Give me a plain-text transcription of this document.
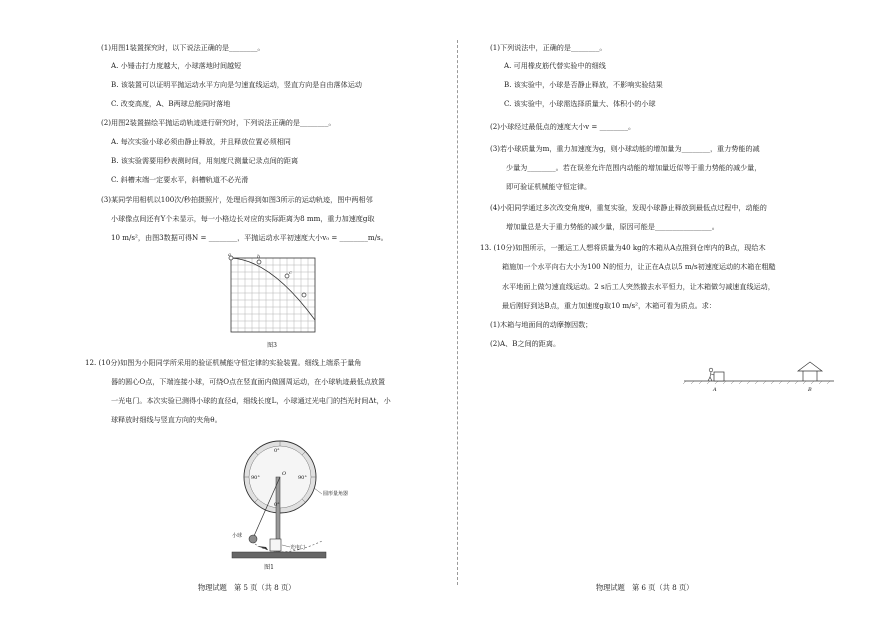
(1)用图1装置探究时，以下说法正确的是________。
A. 小锤击打力度越大，小球落地时间越短
B. 该装置可以证明平抛运动水平方向是匀速直线运动，竖直方向是自由落体运动
C. 改变高度，A、B两球总能同时落地
(2)用图2装置描绘平抛运动轨迹进行研究时，下列说法正确的是________。
A. 每次实验小球必须由静止释放，并且释放位置必须相同
B. 该实验需要用秒表测时间，用刻度尺测量记录点间的距离
C. 斜槽末端一定要水平，斜槽轨道不必光滑
(3)某同学用相机以100次/秒拍摄照片，处理后得到如图3所示的运动轨迹，图中两相邻
小球像点间还有Y个未显示，每一小格边长对应的实际距离为8 mm，重力加速度g取
10 m/s²，由图3数据可得N = ________，平抛运动水平初速度大小v₀ = ________m/s。
a	b
c
图3
12. (10分)如图为小阳同学所采用的验证机械能守恒定律的实验装置。细线上端系于量角
器的圆心O点，下端连接小球，可绕O点在竖直面内做圆周运动，在小球轨迹最低点放置
一光电门。本次实验已测得小球的直径d，细线长度L，小球通过光电门的挡光时间Δt，小
球释放时细线与竖直方向的夹角θ。
0°
90°	90°
0°
O
圆形量角器
小球
光电门
图1
物理试题　第 5 页（共 8 页）
(1)下列说法中，正确的是________。
A. 可用橡皮筋代替实验中的细线
B. 该实验中，小球是否静止释放，不影响实验结果
C. 该实验中，小球需选择质量大、体积小的小球
(2)小球经过最低点的速度大小v = ________。
(3)若小球质量为m，重力加速度为g，则小球动能的增加量为________，重力势能的减
少量为________。若在误差允许范围内动能的增加量近似等于重力势能的减少量，
即可验证机械能守恒定律。
(4)小阳同学通过多次改变角度θ，重复实验，发现小球静止释放到最低点过程中，动能的
增加量总是大于重力势能的减少量，原因可能是________________。
13. (10分)如图所示，一搬运工人想将质量为40 kg的木箱从A点推到仓库内的B点，现给木
箱施加一个水平向右大小为100 N的恒力，让正在A点以5 m/s初速度运动的木箱在粗糙
水平地面上做匀速直线运动。2 s后工人突然撤去水平恒力，让木箱做匀减速直线运动，
最后刚好到达B点，重力加速度g取10 m/s²，木箱可看为质点。求：
(1)木箱与地面间的动摩擦因数；
(2)A、B之间的距离。
A	B
物理试题　第 6 页（共 8 页）
